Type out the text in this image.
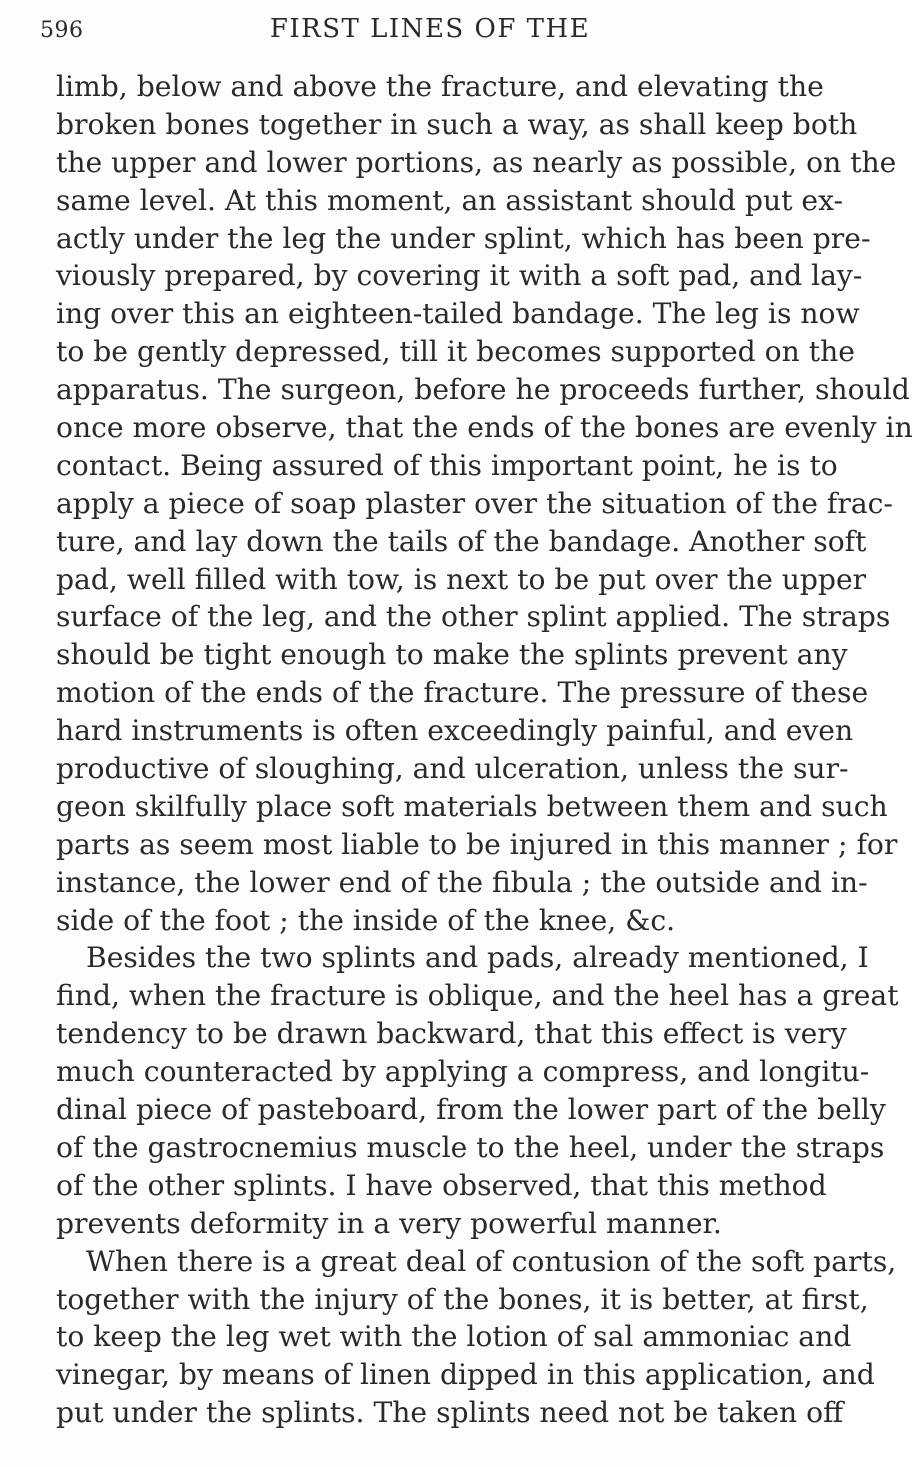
596	FIRST LINES OF THE
limb, below and above the fracture, and elevating the
broken bones together in such a way, as shall keep both
the upper and lower portions, as nearly as possible, on the
same level. At this moment, an assistant should put ex-
actly under the leg the under splint, which has been pre-
viously prepared, by covering it with a soft pad, and lay-
ing over this an eighteen-tailed bandage. The leg is now
to be gently depressed, till it becomes supported on the
apparatus. The surgeon, before he proceeds further, should
once more observe, that the ends of the bones are evenly in
contact. Being assured of this important point, he is to
apply a piece of soap plaster over the situation of the frac-
ture, and lay down the tails of the bandage. Another soft
pad, well filled with tow, is next to be put over the upper
surface of the leg, and the other splint applied. The straps
should be tight enough to make the splints prevent any
motion of the ends of the fracture. The pressure of these
hard instruments is often exceedingly painful, and even
productive of sloughing, and ulceration, unless the sur-
geon skilfully place soft materials between them and such
parts as seem most liable to be injured in this manner ; for
instance, the lower end of the fibula ; the outside and in-
side of the foot ; the inside of the knee, &c.
Besides the two splints and pads, already mentioned, I
find, when the fracture is oblique, and the heel has a great
tendency to be drawn backward, that this effect is very
much counteracted by applying a compress, and longitu-
dinal piece of pasteboard, from the lower part of the belly
of the gastrocnemius muscle to the heel, under the straps
of the other splints. I have observed, that this method
prevents deformity in a very powerful manner.
When there is a great deal of contusion of the soft parts,
together with the injury of the bones, it is better, at first,
to keep the leg wet with the lotion of sal ammoniac and
vinegar, by means of linen dipped in this application, and
put under the splints. The splints need not be taken off
